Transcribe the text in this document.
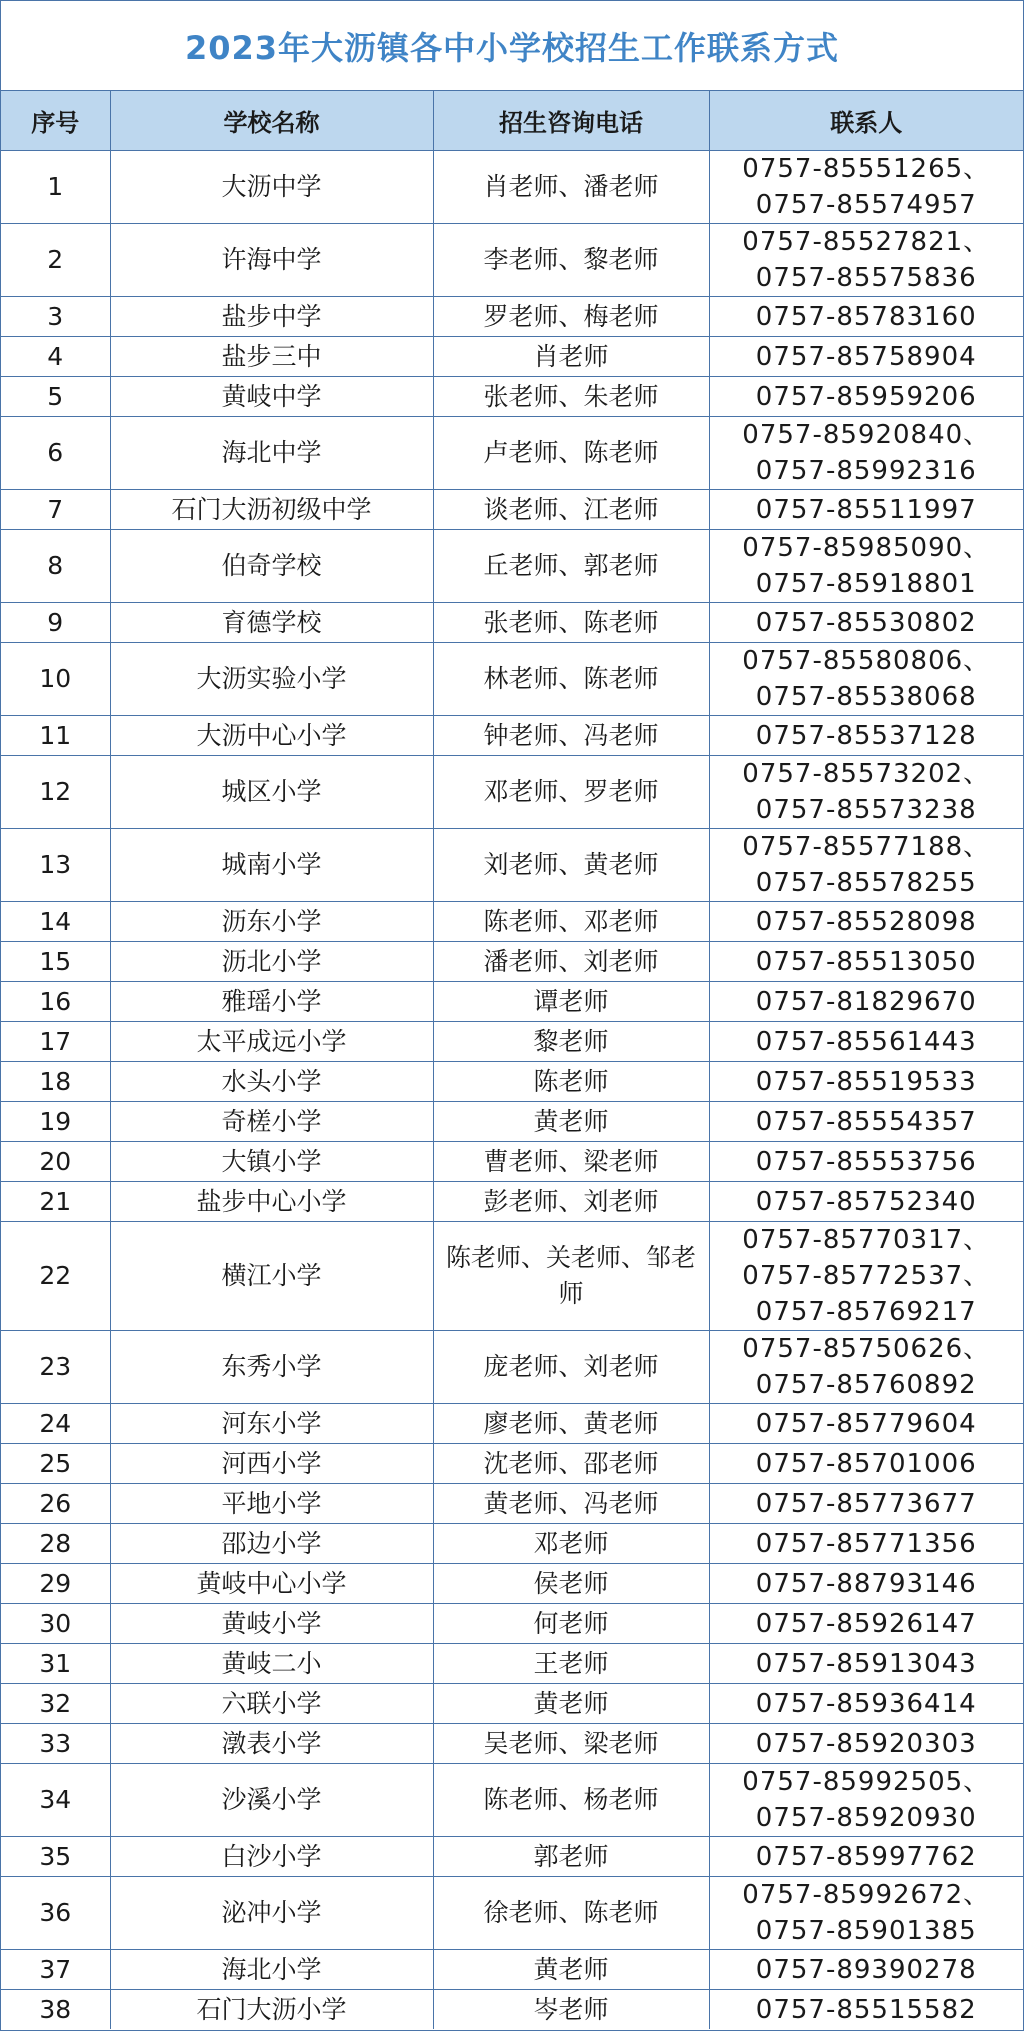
2023年大沥镇各中小学校招生工作联系方式
序号	学校名称	招生咨询电话	联系人
1	大沥中学	肖老师、潘老师	0757-85551265、
0757-85574957

2	许海中学	李老师、黎老师	0757-85527821、
0757-85575836

3	盐步中学	罗老师、梅老师	0757-85783160

4	盐步三中	肖老师	0757-85758904

5	黄岐中学	张老师、朱老师	0757-85959206

6	海北中学	卢老师、陈老师	0757-85920840、
0757-85992316

7	石门大沥初级中学	谈老师、江老师	0757-85511997

8	伯奇学校	丘老师、郭老师	0757-85985090、
0757-85918801

9	育德学校	张老师、陈老师	0757-85530802

10	大沥实验小学	林老师、陈老师	0757-85580806、
0757-85538068

11	大沥中心小学	钟老师、冯老师	0757-85537128

12	城区小学	邓老师、罗老师	0757-85573202、
0757-85573238

13	城南小学	刘老师、黄老师	0757-85577188、
0757-85578255

14	沥东小学	陈老师、邓老师	0757-85528098

15	沥北小学	潘老师、刘老师	0757-85513050

16	雅瑶小学	谭老师	0757-81829670

17	太平成远小学	黎老师	0757-85561443

18	水头小学	陈老师	0757-85519533

19	奇槎小学	黄老师	0757-85554357

20	大镇小学	曹老师、梁老师	0757-85553756

21	盐步中心小学	彭老师、刘老师	0757-85752340

22	横江小学	陈老师、关老师、邹老师	0757-85770317、
0757-85772537、
0757-85769217

23	东秀小学	庞老师、刘老师	0757-85750626、
0757-85760892

24	河东小学	廖老师、黄老师	0757-85779604

25	河西小学	沈老师、邵老师	0757-85701006

26	平地小学	黄老师、冯老师	0757-85773677

28	邵边小学	邓老师	0757-85771356

29	黄岐中心小学	侯老师	0757-88793146

30	黄岐小学	何老师	0757-85926147

31	黄岐二小	王老师	0757-85913043

32	六联小学	黄老师	0757-85936414

33	潡表小学	吴老师、梁老师	0757-85920303

34	沙溪小学	陈老师、杨老师	0757-85992505、
0757-85920930

35	白沙小学	郭老师	0757-85997762

36	泌冲小学	徐老师、陈老师	0757-85992672、
0757-85901385

37	海北小学	黄老师	0757-89390278

38	石门大沥小学	岑老师	0757-85515582
